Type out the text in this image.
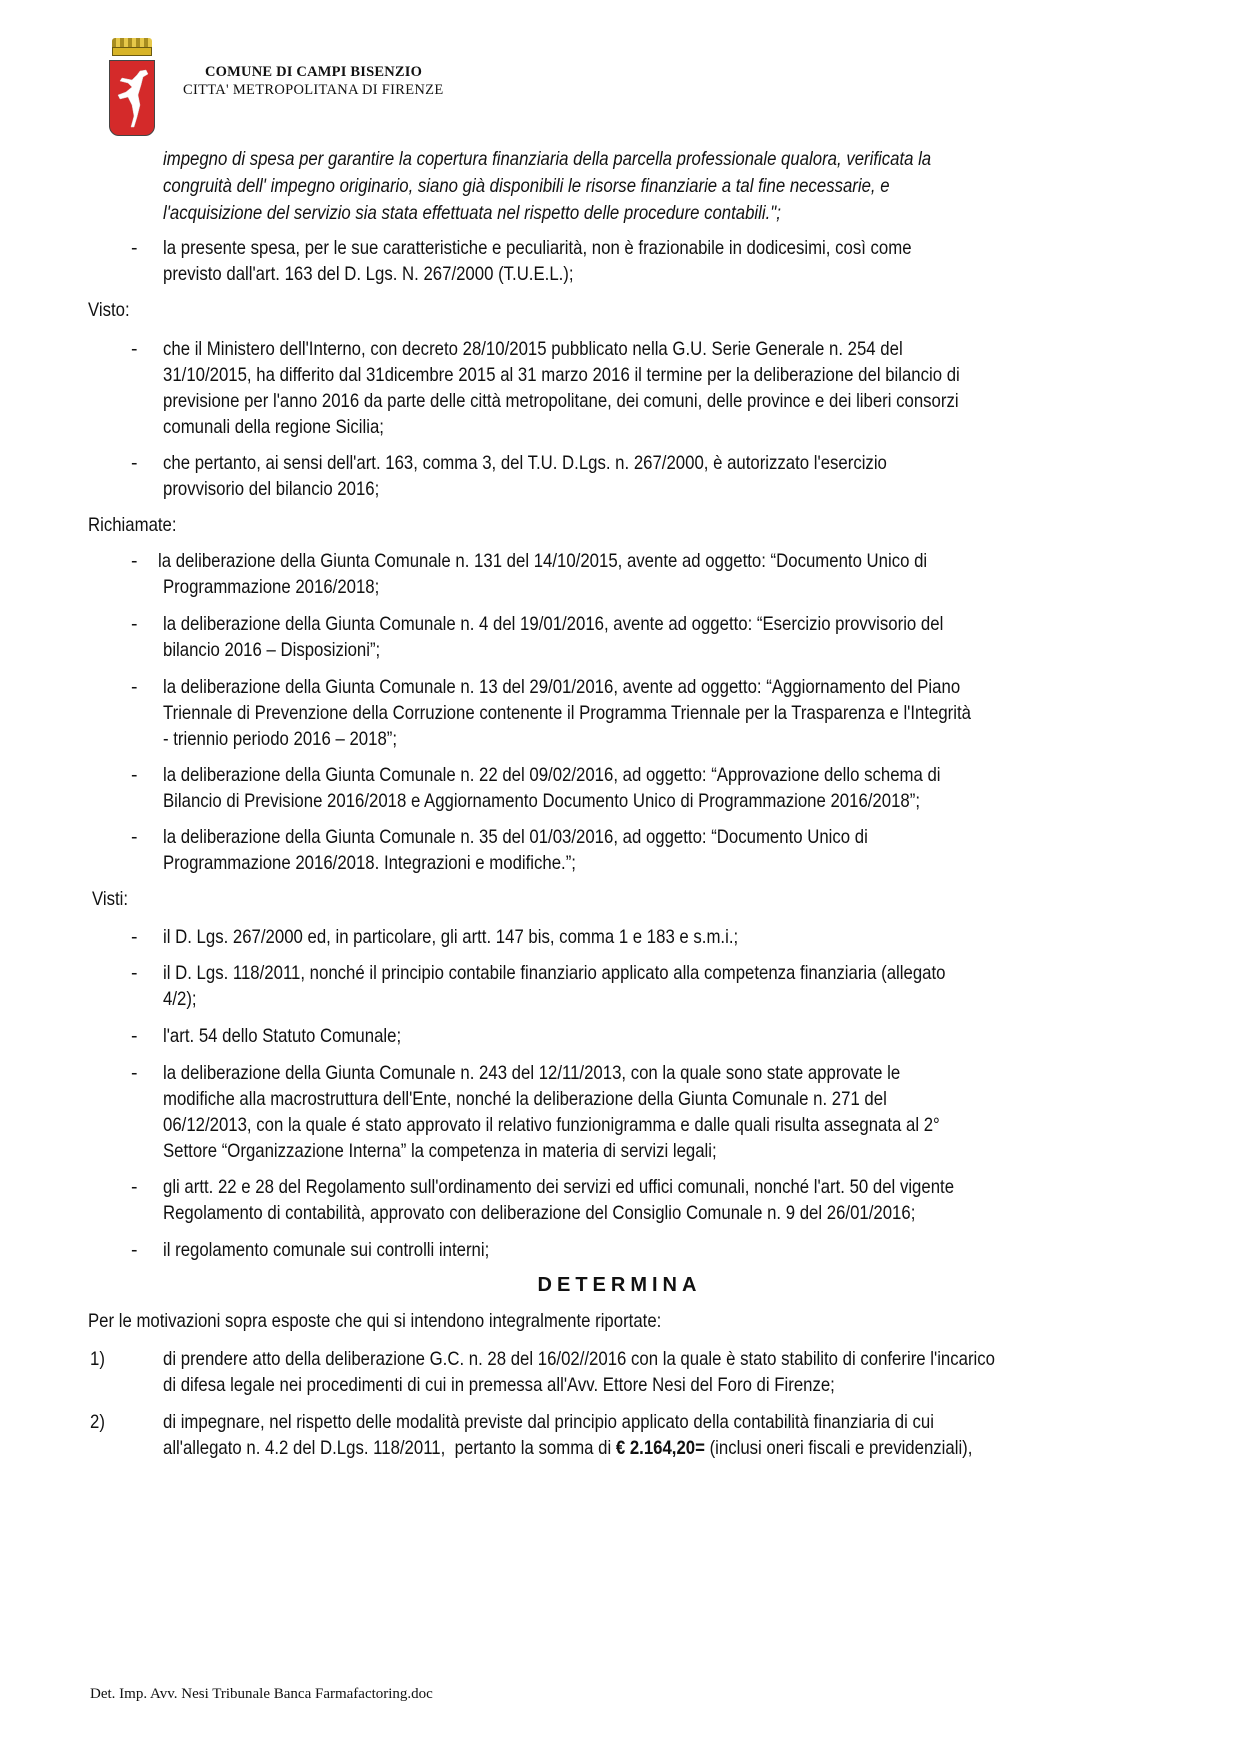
COMUNE DI CAMPI BISENZIO
CITTA' METROPOLITANA DI FIRENZE
impegno di spesa per garantire la copertura finanziaria della parcella professionale qualora, verificata la
congruità dell' impegno originario, siano già disponibili le risorse finanziarie a tal fine necessarie, e
l'acquisizione del servizio sia stata effettuata nel rispetto delle procedure contabili.";
- la presente spesa, per le sue caratteristiche e peculiarità, non è frazionabile in dodicesimi, così come
previsto dall'art. 163 del D. Lgs. N. 267/2000 (T.U.E.L.);
Visto:
- che il Ministero dell'Interno, con decreto 28/10/2015 pubblicato nella G.U. Serie Generale n. 254 del
31/10/2015, ha differito dal 31dicembre 2015 al 31 marzo 2016 il termine per la deliberazione del bilancio di
previsione per l'anno 2016 da parte delle città metropolitane, dei comuni, delle province e dei liberi consorzi
comunali della regione Sicilia;
- che pertanto, ai sensi dell'art. 163, comma 3, del T.U. D.Lgs. n. 267/2000, è autorizzato l'esercizio
provvisorio del bilancio 2016;
Richiamate:
- la deliberazione della Giunta Comunale n. 131 del 14/10/2015, avente ad oggetto: “Documento Unico di
Programmazione 2016/2018;
- la deliberazione della Giunta Comunale n. 4 del 19/01/2016, avente ad oggetto: “Esercizio provvisorio del
bilancio 2016 – Disposizioni”;
- la deliberazione della Giunta Comunale n. 13 del 29/01/2016, avente ad oggetto: “Aggiornamento del Piano
Triennale di Prevenzione della Corruzione contenente il Programma Triennale per la Trasparenza e l'Integrità
- triennio periodo 2016 – 2018”;
- la deliberazione della Giunta Comunale n. 22 del 09/02/2016, ad oggetto: “Approvazione dello schema di
Bilancio di Previsione 2016/2018 e Aggiornamento Documento Unico di Programmazione 2016/2018”;
- la deliberazione della Giunta Comunale n. 35 del 01/03/2016, ad oggetto: “Documento Unico di
Programmazione 2016/2018. Integrazioni e modifiche.”;
Visti:
- il D. Lgs. 267/2000 ed, in particolare, gli artt. 147 bis, comma 1 e 183 e s.m.i.;
- il D. Lgs. 118/2011, nonché il principio contabile finanziario applicato alla competenza finanziaria (allegato
4/2);
- l'art. 54 dello Statuto Comunale;
- la deliberazione della Giunta Comunale n. 243 del 12/11/2013, con la quale sono state approvate le
modifiche alla macrostruttura dell'Ente, nonché la deliberazione della Giunta Comunale n. 271 del
06/12/2013, con la quale é stato approvato il relativo funzionigramma e dalle quali risulta assegnata al 2°
Settore “Organizzazione Interna” la competenza in materia di servizi legali;
- gli artt. 22 e 28 del Regolamento sull'ordinamento dei servizi ed uffici comunali, nonché l'art. 50 del vigente
Regolamento di contabilità, approvato con deliberazione del Consiglio Comunale n. 9 del 26/01/2016;
- il regolamento comunale sui controlli interni;
DETERMINA
Per le motivazioni sopra esposte che qui si intendono integralmente riportate:
1)	di prendere atto della deliberazione G.C. n. 28 del 16/02//2016 con la quale è stato stabilito di conferire l'incarico
di difesa legale nei procedimenti di cui in premessa all'Avv. Ettore Nesi del Foro di Firenze;
2)	di impegnare, nel rispetto delle modalità previste dal principio applicato della contabilità finanziaria di cui
all'allegato n. 4.2 del D.Lgs. 118/2011,  pertanto la somma di € 2.164,20= (inclusi oneri fiscali e previdenziali),
Det. Imp. Avv. Nesi Tribunale Banca Farmafactoring.doc
